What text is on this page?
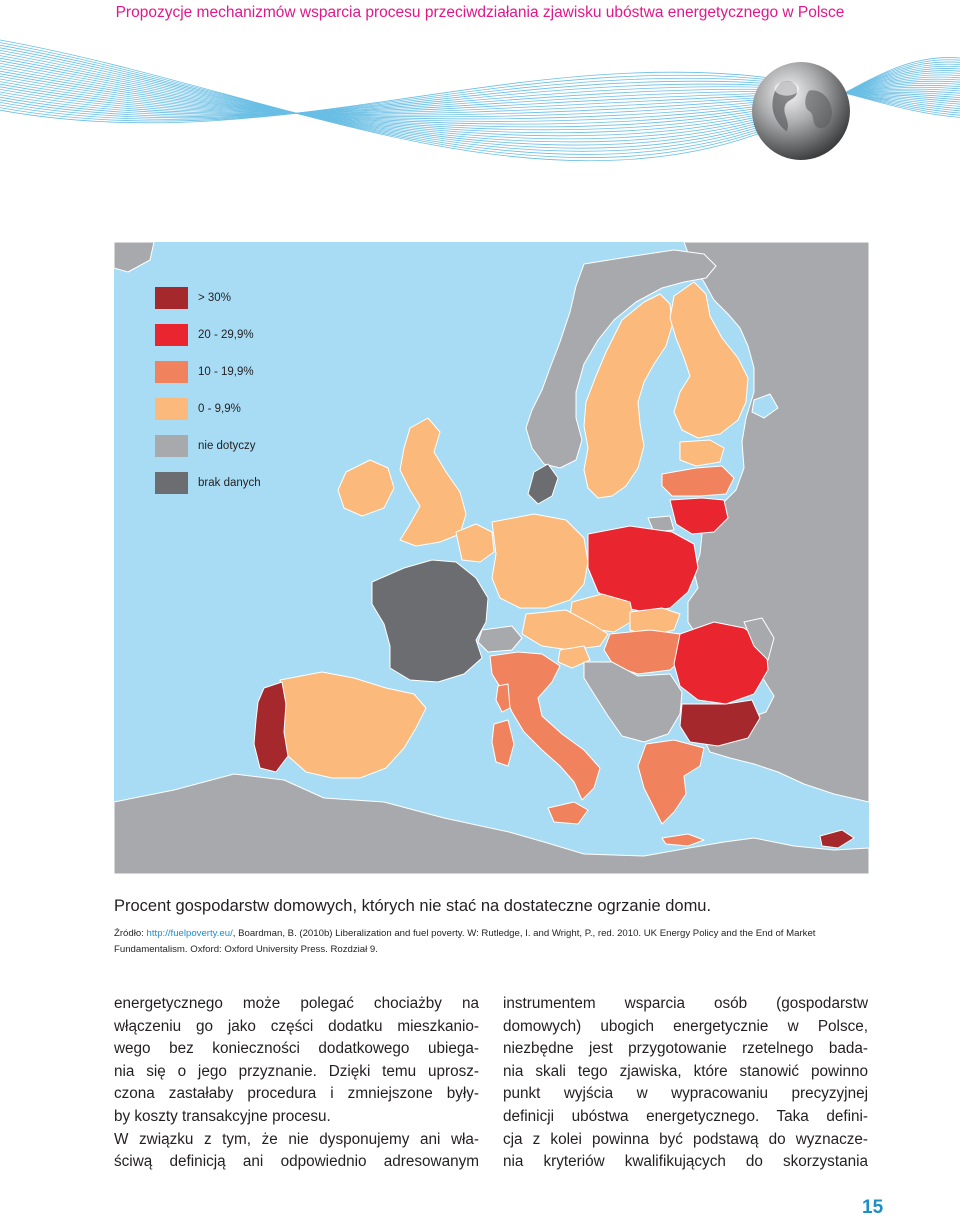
Propozycje mechanizmów wsparcia procesu przeciwdziałania zjawisku ubóstwa energetycznego w Polsce
> 30%
20 - 29,9%
10 - 19,9%
0 - 9,9%
nie dotyczy
brak danych
Procent gospodarstw domowych, których nie stać na dostateczne ogrzanie domu.
Źródło: http://fuelpoverty.eu/, Boardman, B. (2010b) Liberalization and fuel poverty. W: Rutledge, I. and Wright, P., red. 2010. UK Energy Policy and the End of Market Fundamentalism. Oxford: Oxford University Press. Rozdział 9.
energetycznego może polegać chociażby na
włączeniu go jako części dodatku mieszkanio-
wego bez konieczności dodatkowego ubiega-
nia się o jego przyznanie. Dzięki temu uprosz-
czona zastałaby procedura i zmniejszone były-
by koszty transakcyjne procesu.
W związku z tym, że nie dysponujemy ani wła-
ściwą definicją ani odpowiednio adresowanym
instrumentem wsparcia osób (gospodarstw
domowych) ubogich energetycznie w Polsce,
niezbędne jest przygotowanie rzetelnego bada-
nia skali tego zjawiska, które stanowić powinno
punkt wyjścia w wypracowaniu precyzyjnej
definicji ubóstwa energetycznego. Taka defini-
cja z kolei powinna być podstawą do wyznacze-
nia kryteriów kwalifikujących do skorzystania
15
